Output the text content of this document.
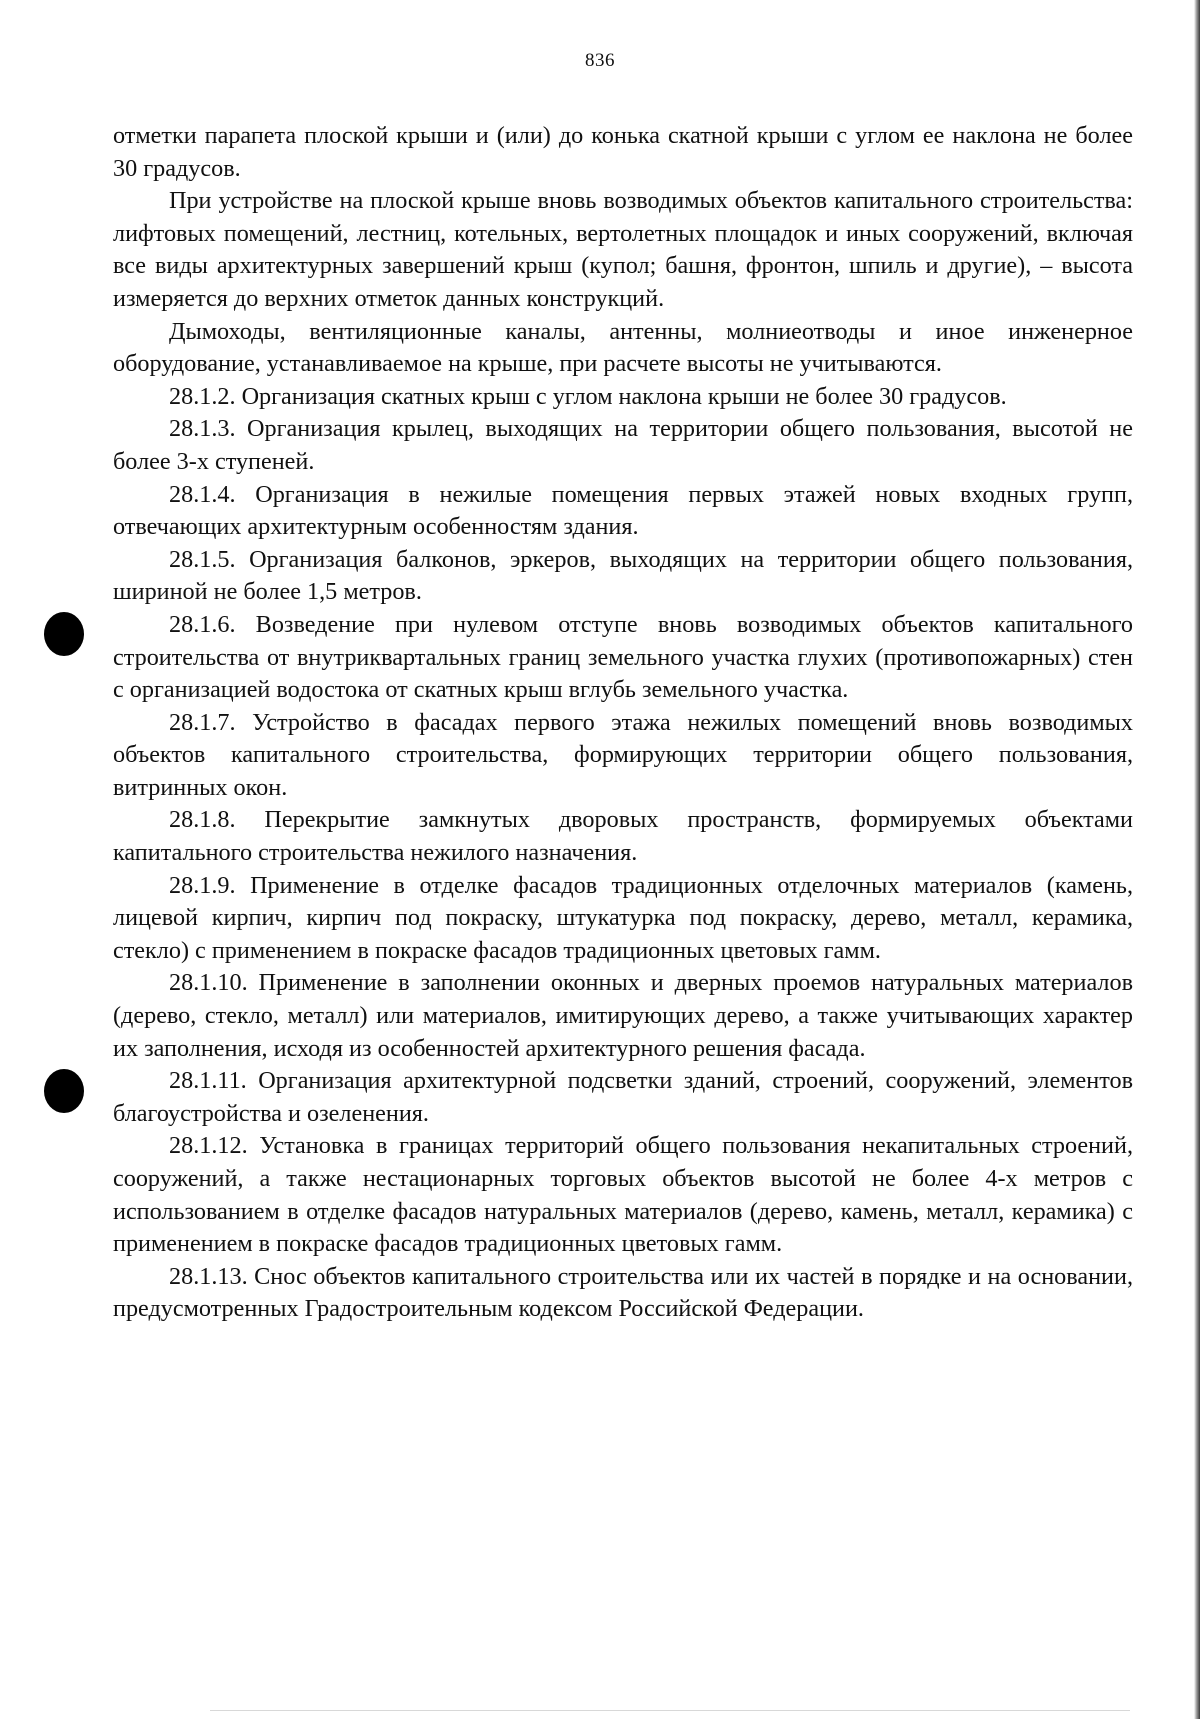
836

отметки парапета плоской крыши и (или) до конька скатной крыши с углом ее наклона не более 30 градусов.

При устройстве на плоской крыше вновь возводимых объектов капитального строительства: лифтовых помещений, лестниц, котельных, вертолетных площадок и иных сооружений, включая все виды архитектурных завершений крыш (купол; башня, фронтон, шпиль и другие), – высота измеряется до верхних отметок данных конструкций.

Дымоходы, вентиляционные каналы, антенны, молниеотводы и иное инженерное оборудование, устанавливаемое на крыше, при расчете высоты не учитываются.

28.1.2. Организация скатных крыш с углом наклона крыши не более 30 градусов.

28.1.3. Организация крылец, выходящих на территории общего пользования, высотой не более 3-х ступеней.

28.1.4. Организация в нежилые помещения первых этажей новых входных групп, отвечающих архитектурным особенностям здания.

28.1.5. Организация балконов, эркеров, выходящих на территории общего пользования, шириной не более 1,5 метров.

28.1.6. Возведение при нулевом отступе вновь возводимых объектов капитального строительства от внутриквартальных границ земельного участка глухих (противопожарных) стен с организацией водостока от скатных крыш вглубь земельного участка.

28.1.7. Устройство в фасадах первого этажа нежилых помещений вновь возводимых объектов капитального строительства, формирующих территории общего пользования, витринных окон.

28.1.8. Перекрытие замкнутых дворовых пространств, формируемых объектами капитального строительства нежилого назначения.

28.1.9. Применение в отделке фасадов традиционных отделочных материалов (камень, лицевой кирпич, кирпич под покраску, штукатурка под покраску, дерево, металл, керамика, стекло) с применением в покраске фасадов традиционных цветовых гамм.

28.1.10. Применение в заполнении оконных и дверных проемов натуральных материалов (дерево, стекло, металл) или материалов, имитирующих дерево, а также учитывающих характер их заполнения, исходя из особенностей архитектурного решения фасада.

28.1.11. Организация архитектурной подсветки зданий, строений, сооружений, элементов благоустройства и озеленения.

28.1.12. Установка в границах территорий общего пользования некапитальных строений, сооружений, а также нестационарных торговых объектов высотой не более 4-х метров с использованием в отделке фасадов натуральных материалов (дерево, камень, металл, керамика) с применением в покраске фасадов традиционных цветовых гамм.

28.1.13. Снос объектов капитального строительства или их частей в порядке и на основании, предусмотренных Градостроительным кодексом Российской Федерации.
